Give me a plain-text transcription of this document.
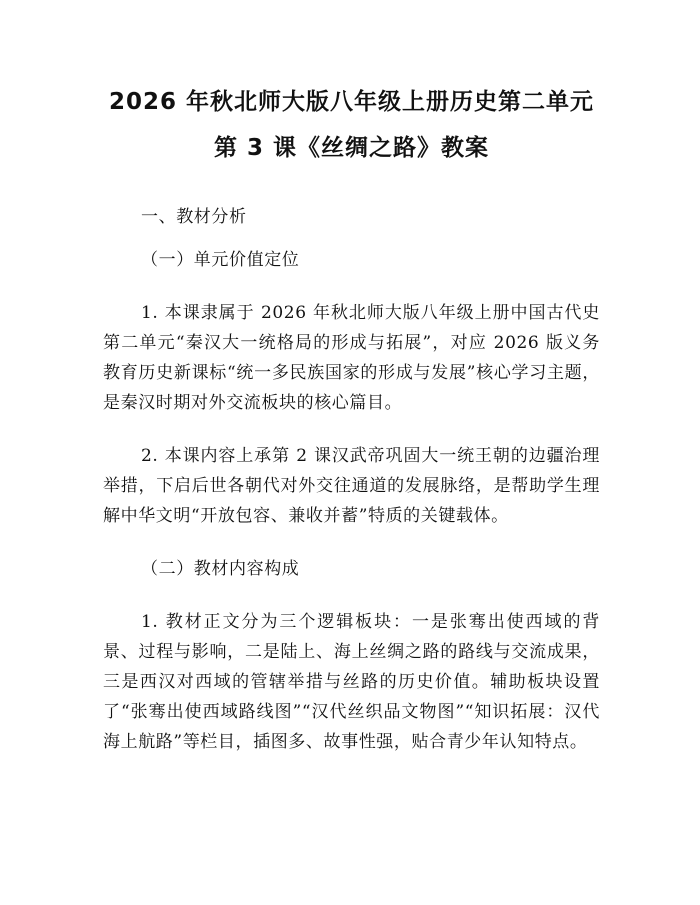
2026 年秋北师大版八年级上册历史第二单元
第 3 课《丝绸之路》教案

一、教材分析

（一）单元价值定位

1. 本课隶属于 2026 年秋北师大版八年级上册中国古代史第二单元“秦汉大一统格局的形成与拓展”，对应 2026 版义务教育历史新课标“统一多民族国家的形成与发展”核心学习主题，是秦汉时期对外交流板块的核心篇目。

2. 本课内容上承第 2 课汉武帝巩固大一统王朝的边疆治理举措，下启后世各朝代对外交往通道的发展脉络，是帮助学生理解中华文明“开放包容、兼收并蓄”特质的关键载体。

（二）教材内容构成

1. 教材正文分为三个逻辑板块：一是张骞出使西域的背景、过程与影响，二是陆上、海上丝绸之路的路线与交流成果，三是西汉对西域的管辖举措与丝路的历史价值。辅助板块设置了“张骞出使西域路线图”“汉代丝织品文物图”“知识拓展：汉代海上航路”等栏目，插图多、故事性强，贴合青少年认知特点。
